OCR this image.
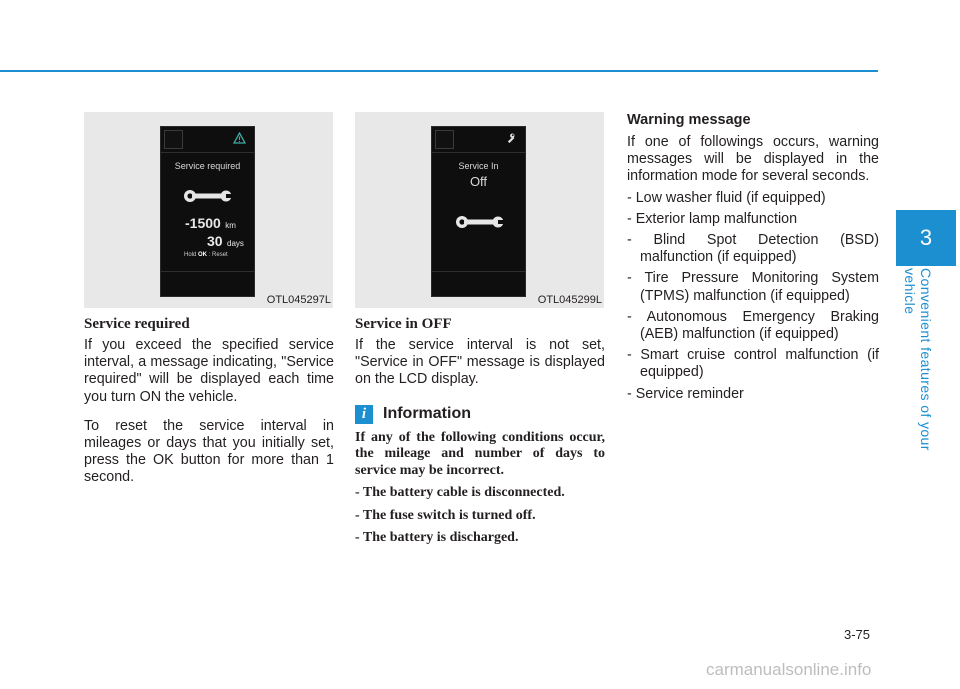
3
Convenient features of your vehicle
Service required
-1500 km
30 days
Hold OK : Reset
OTL045297L
Service required

If you exceed the specified service interval, a message indicating, "Service required" will be displayed each time you turn ON the vehicle.

To reset the service interval in mileages or days that you initially set, press the OK button for more than 1 second.

Service In
Off
OTL045299L
Service in OFF

If the service interval is not set, "Service in OFF" message is displayed on the LCD display.

i	Information

If any of the following conditions occur, the mileage and number of days to service may be incorrect.

- The battery cable is disconnected.
- The fuse switch is turned off.
- The battery is discharged.
Warning message

If one of followings occurs, warning messages will be displayed in the information mode for several seconds.

- Low washer fluid (if equipped)
- Exterior lamp malfunction
- Blind Spot Detection (BSD) malfunction (if equipped)
- Tire Pressure Monitoring System (TPMS) malfunction (if equipped)
- Autonomous Emergency Braking (AEB) malfunction (if equipped)
- Smart cruise control malfunction (if equipped)
- Service reminder
3-75
carmanualsonline.info
